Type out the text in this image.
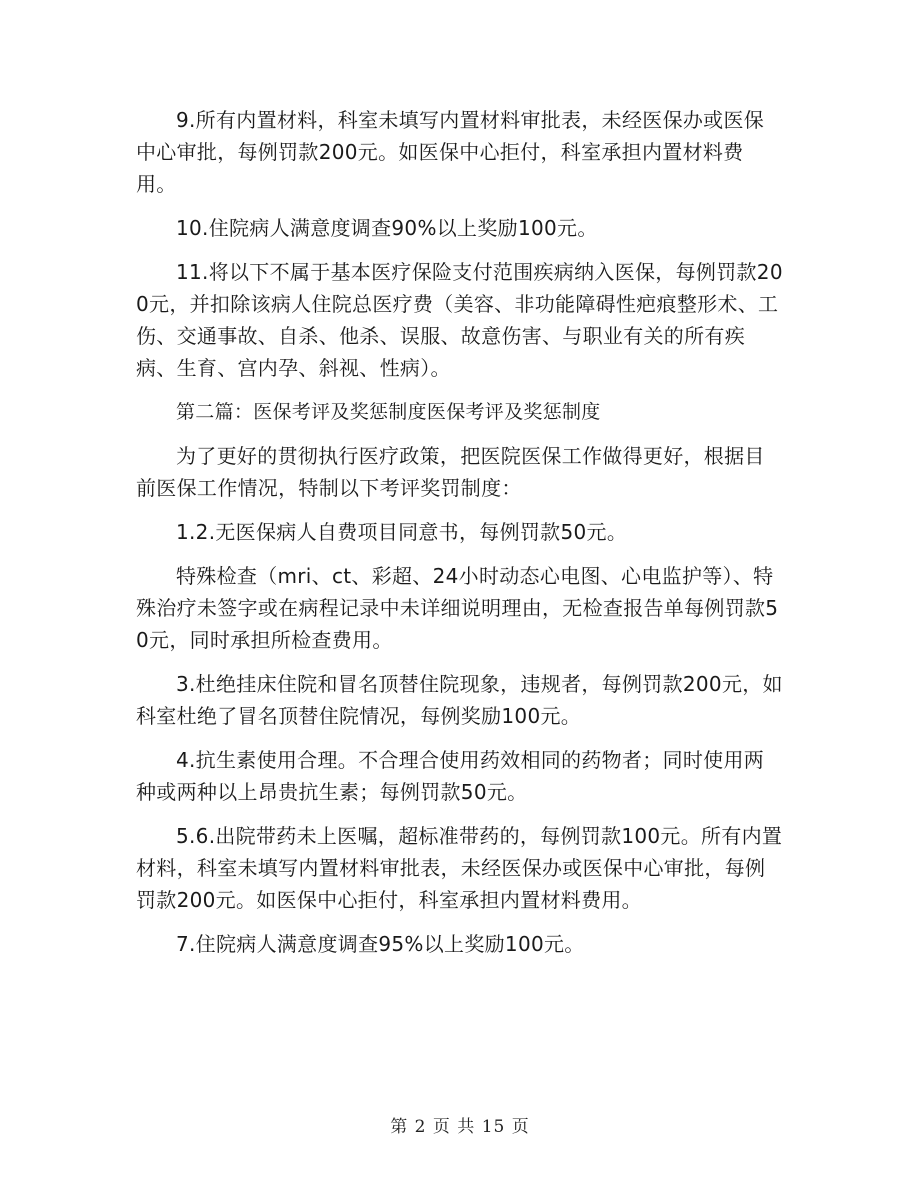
9.所有内置材料，科室未填写内置材料审批表，未经医保办或医保中心审批，每例罚款200元。如医保中心拒付，科室承担内置材料费用。

10.住院病人满意度调查90%以上奖励100元。

11.将以下不属于基本医疗保险支付范围疾病纳入医保，每例罚款200元，并扣除该病人住院总医疗费（美容、非功能障碍性疤痕整形术、工伤、交通事故、自杀、他杀、误服、故意伤害、与职业有关的所有疾病、生育、宫内孕、斜视、性病）。

第二篇：医保考评及奖惩制度医保考评及奖惩制度

为了更好的贯彻执行医疗政策，把医院医保工作做得更好，根据目前医保工作情况，特制以下考评奖罚制度：

1.2.无医保病人自费项目同意书，每例罚款50元。

特殊检查（mri、ct、彩超、24小时动态心电图、心电监护等）、特殊治疗未签字或在病程记录中未详细说明理由，无检查报告单每例罚款50元，同时承担所检查费用。

3.杜绝挂床住院和冒名顶替住院现象，违规者，每例罚款200元，如科室杜绝了冒名顶替住院情况，每例奖励100元。

4.抗生素使用合理。不合理合使用药效相同的药物者；同时使用两种或两种以上昂贵抗生素；每例罚款50元。

5.6.出院带药未上医嘱，超标准带药的，每例罚款100元。所有内置材料，科室未填写内置材料审批表，未经医保办或医保中心审批，每例罚款200元。如医保中心拒付，科室承担内置材料费用。

7.住院病人满意度调查95%以上奖励100元。

第 2 页 共 15 页
